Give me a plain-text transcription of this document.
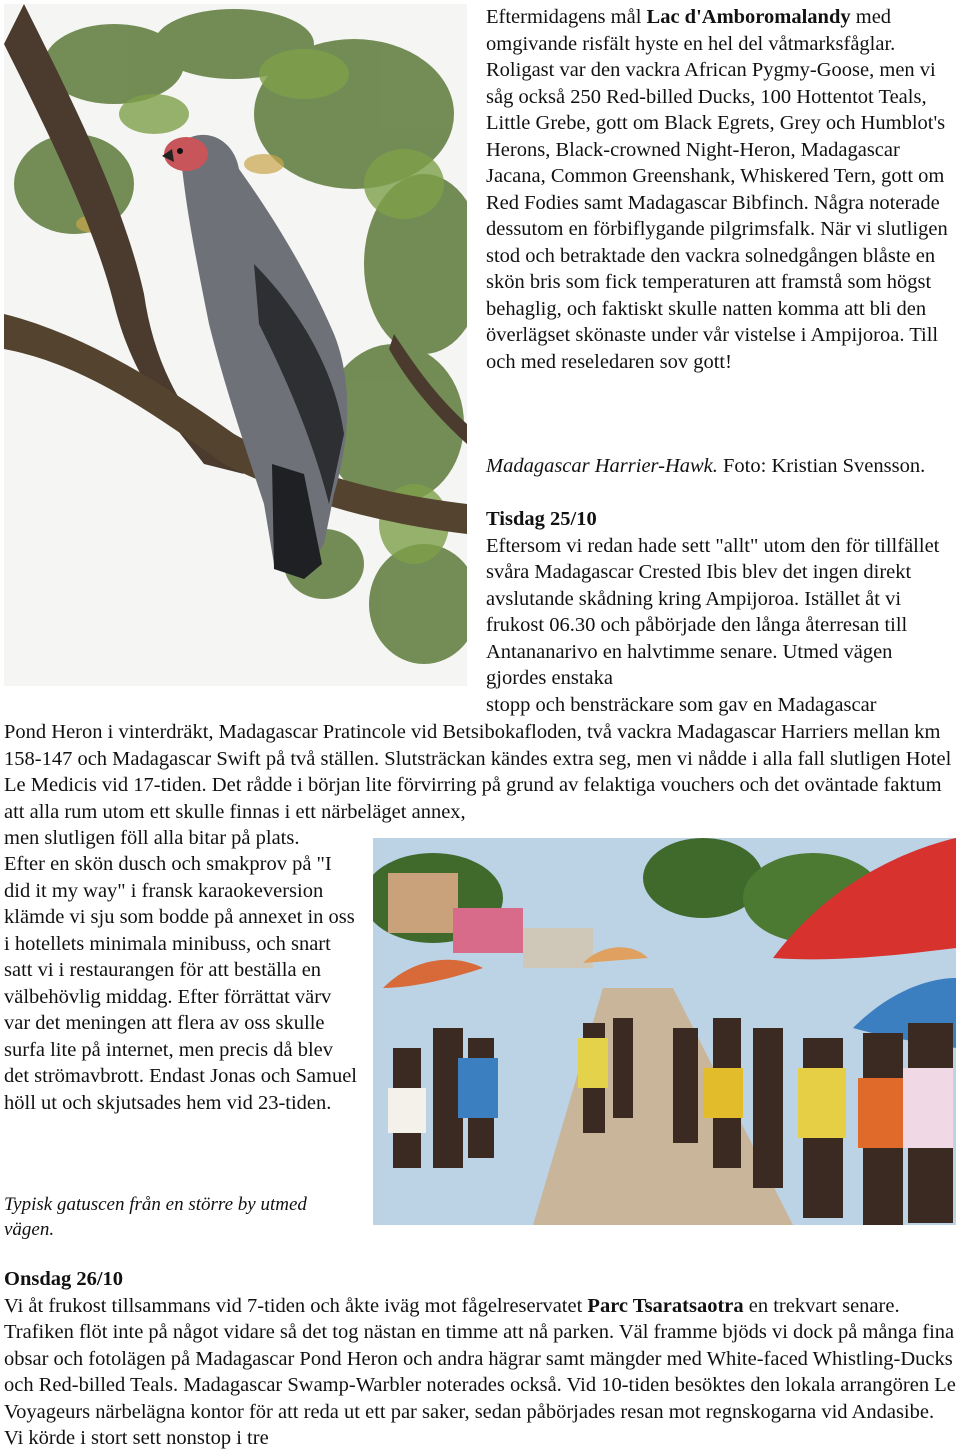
Eftermidagens mål Lac d'Amboromalandy med omgivande risfält hyste en hel del våtmarksfåglar. Roligast var den vackra African Pygmy-Goose, men vi såg också 250 Red-billed Ducks, 100 Hottentot Teals, Little Grebe, gott om Black Egrets, Grey och Humblot's Herons, Black-crowned Night-Heron, Madagascar Jacana, Common Greenshank, Whiskered Tern, gott om Red Fodies samt Madagascar Bibfinch. Några noterade dessutom en förbiflygande pilgrimsfalk. När vi slutligen stod och betraktade den vackra solnedgången blåste en skön bris som fick temperaturen att framstå som högst behaglig, och faktiskt skulle natten komma att bli den överlägset skönaste under vår vistelse i Ampijoroa. Till och med reseledaren sov gott!

Madagascar Harrier-Hawk. Foto: Kristian Svensson.

Tisdag 25/10

Eftersom vi redan hade sett "allt" utom den för tillfället svåra Madagascar Crested Ibis blev det ingen direkt avslutande skådning kring Ampijoroa. Istället åt vi frukost 06.30 och påbörjade den långa återresan till Antananarivo en halvtimme senare. Utmed vägen gjordes enstaka

stopp och bensträckare som gav en Madagascar

Pond Heron i vinterdräkt, Madagascar Pratincole vid Betsibokafloden, två vackra Madagascar Harriers mellan km 158-147 och Madagascar Swift på två ställen. Slutsträckan kändes extra seg, men vi nådde i alla fall slutligen Hotel Le Medicis vid 17-tiden. Det rådde i början lite förvirring på grund av felaktiga vouchers och det oväntade faktum att alla rum utom ett skulle finnas i ett närbeläget annex,

men slutligen föll alla bitar på plats.

Efter en skön dusch och smakprov på "I did it my way" i fransk karaokeversion klämde vi sju som bodde på annexet in oss i hotellets minimala minibuss, och snart satt vi i restaurangen för att beställa en välbehövlig middag. Efter förrättat värv var det meningen att flera av oss skulle surfa lite på internet, men precis då blev det strömavbrott. Endast Jonas och Samuel höll ut och skjutsades hem vid 23-tiden.

Typisk gatuscen från en större by utmed vägen.

Onsdag 26/10

Vi åt frukost tillsammans vid 7-tiden och åkte iväg mot fågelreservatet Parc Tsaratsaotra en trekvart senare. Trafiken flöt inte på något vidare så det tog nästan en timme att nå parken. Väl framme bjöds vi dock på många fina obsar och fotolägen på Madagascar Pond Heron och andra hägrar samt mängder med White-faced Whistling-Ducks och Red-billed Teals. Madagascar Swamp-Warbler noterades också. Vid 10-tiden besöktes den lokala arrangören Le Voyageurs närbelägna kontor för att reda ut ett par saker, sedan påbörjades resan mot regnskogarna vid Andasibe. Vi körde i stort sett nonstop i tre
